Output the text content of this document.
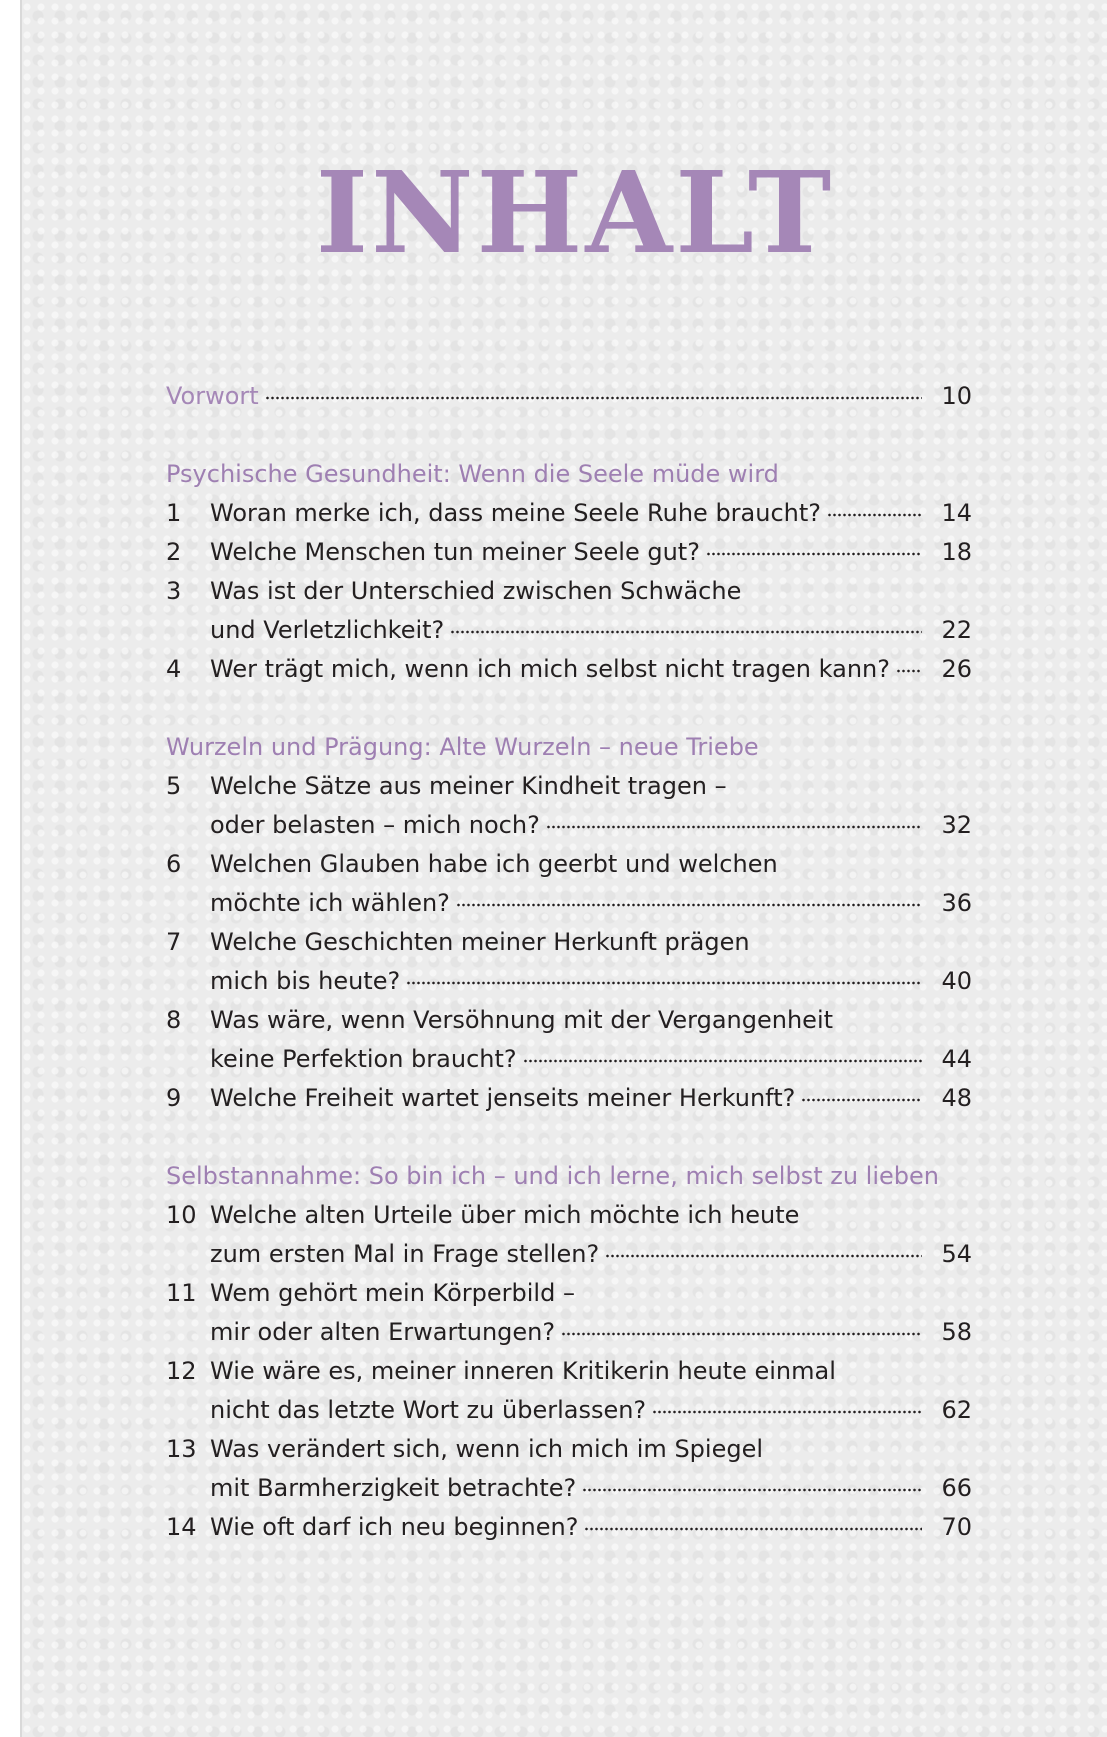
INHALT
Vorwort	10
Psychische Gesundheit: Wenn die Seele müde wird
1 Woran merke ich, dass meine Seele Ruhe braucht?	14
2 Welche Menschen tun meiner Seele gut?	18
3 Was ist der Unterschied zwischen Schwäche
und Verletzlichkeit?	22
4 Wer trägt mich, wenn ich mich selbst nicht tragen kann? 26
Wurzeln und Prägung: Alte Wurzeln – neue Triebe
5 Welche Sätze aus meiner Kindheit tragen –
oder belasten – mich noch?	32
6 Welchen Glauben habe ich geerbt und welchen
möchte ich wählen?	36
7 Welche Geschichten meiner Herkunft prägen
mich bis heute?	40
8 Was wäre, wenn Versöhnung mit der Vergangenheit
keine Perfektion braucht?	44
9 Welche Freiheit wartet jenseits meiner Herkunft?	48
Selbstannahme: So bin ich – und ich lerne, mich selbst zu lieben
10 Welche alten Urteile über mich möchte ich heute
zum ersten Mal in Frage stellen?	54
11 Wem gehört mein Körperbild –
mir oder alten Erwartungen?	58
12 Wie wäre es, meiner inneren Kritikerin heute einmal
nicht das letzte Wort zu überlassen?	62
13 Was verändert sich, wenn ich mich im Spiegel
mit Barmherzigkeit betrachte?	66
14 Wie oft darf ich neu beginnen?	70
